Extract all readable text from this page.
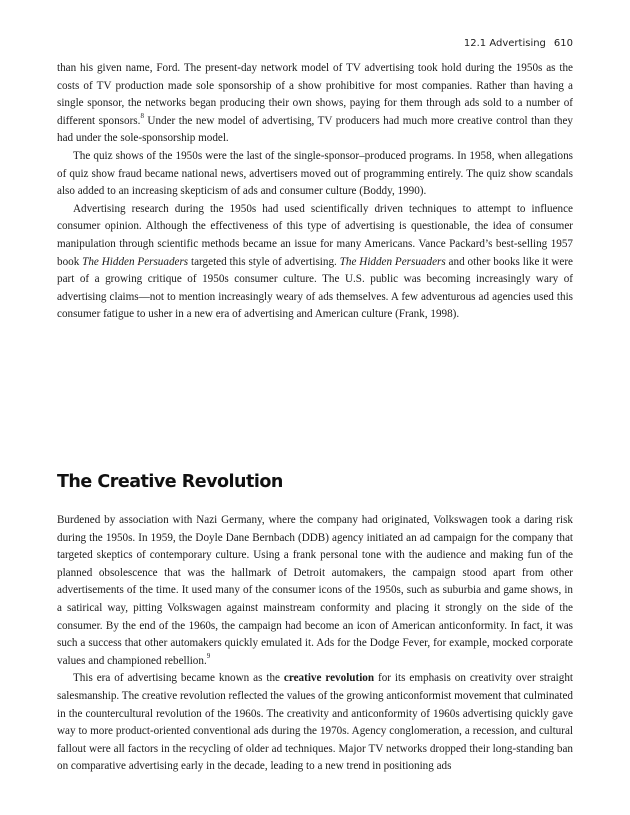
12.1 Advertising 610

than his given name, Ford. The present-day network model of TV advertising took hold during the 1950s as the costs of TV production made sole sponsorship of a show prohibitive for most companies. Rather than having a single sponsor, the networks began producing their own shows, paying for them through ads sold to a number of different sponsors.$^8$ Under the new model of advertising, TV producers had much more creative control than they had under the sole-sponsorship model.

The quiz shows of the 1950s were the last of the single-sponsor–produced programs. In 1958, when allegations of quiz show fraud became national news, advertisers moved out of programming entirely. The quiz show scandals also added to an increasing skepticism of ads and consumer culture (Boddy, 1990).

Advertising research during the 1950s had used scientifically driven techniques to attempt to influence consumer opinion. Although the effectiveness of this type of advertising is questionable, the idea of consumer manipulation through scientific methods became an issue for many Americans. Vance Packard’s best-selling 1957 book The Hidden Persuaders targeted this style of advertising. The Hidden Persuaders and other books like it were part of a growing critique of 1950s consumer culture. The U.S. public was becoming increasingly wary of advertising claims—not to mention increasingly weary of ads themselves. A few adventurous ad agencies used this consumer fatigue to usher in a new era of advertising and American culture (Frank, 1998).

The Creative Revolution

Burdened by association with Nazi Germany, where the company had originated, Volkswagen took a daring risk during the 1950s. In 1959, the Doyle Dane Bernbach (DDB) agency initiated an ad campaign for the company that targeted skeptics of contemporary culture. Using a frank personal tone with the audience and making fun of the planned obsolescence that was the hallmark of Detroit automakers, the campaign stood apart from other advertisements of the time. It used many of the consumer icons of the 1950s, such as suburbia and game shows, in a satirical way, pitting Volkswagen against mainstream conformity and placing it strongly on the side of the consumer. By the end of the 1960s, the campaign had become an icon of American anticonformity. In fact, it was such a success that other automakers quickly emulated it. Ads for the Dodge Fever, for example, mocked corporate values and championed rebellion.$^9$

This era of advertising became known as the creative revolution for its emphasis on creativity over straight salesmanship. The creative revolution reflected the values of the growing anticonformist movement that culminated in the countercultural revolution of the 1960s. The creativity and anticonformity of 1960s advertising quickly gave way to more product-oriented conventional ads during the 1970s. Agency conglomeration, a recession, and cultural fallout were all factors in the recycling of older ad techniques. Major TV networks dropped their long-standing ban on comparative advertising early in the decade, leading to a new trend in positioning ads
